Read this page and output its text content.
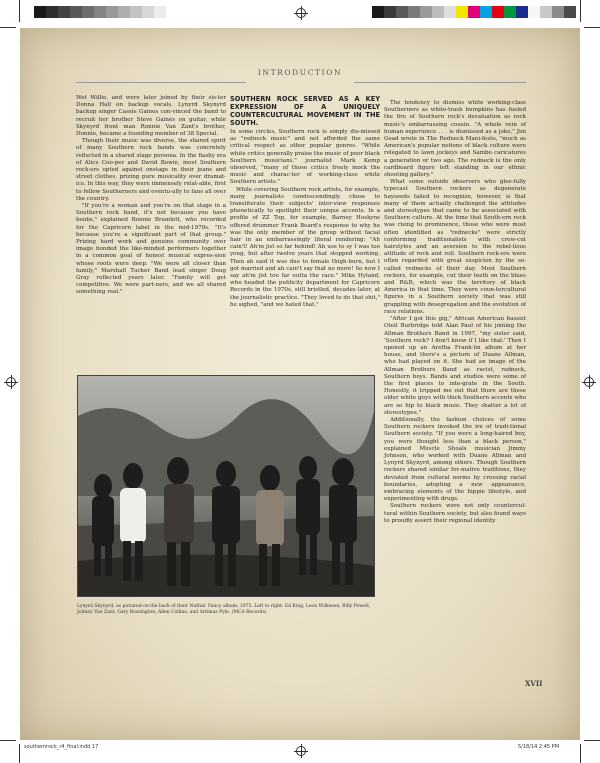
INTRODUCTION

Wet Willie, and were later joined by their sis-ter Donna Hall on backup vocals. Lynyrd Skynyrd backup singer Cassie Gaines con-vinced the band to recruit her brother Steve Gaines on guitar, while Skynyrd front man Ronnie Van Zant's brother, Donnie, became a founding member of 38 Special.

Though their music was diverse, the shared spirit of many Southern rock bands was concretely reflected in a shared stage persona. In the flashy era of Alice Coo-per and David Bowie, most Southern rock-ers opted against onstage in their jeans and street clothes, prizing pure musicality over dramat-ics. In this way, they were immensely relat-able, first to fellow Southerners and eventu-ally to fans all over the country.

"If you're a woman and you're on that stage in a Southern rock band, it's not because you have boobs," explained Bonnie Bramlett, who recorded for the Capricorn label in the mid-1970s. "It's because you're a significant part of that group." Prizing hard work and genuine community over image bonded the like-minded performers together in a common goal of honest musical expres-sion whose roots were deep. "We were all closer than family," Marshall Tucker Band lead singer Doug Gray reflected years later. "Family will get competitive. We were part-ners, and we all shared something real."

SOUTHERN ROCK SERVED AS A KEY EXPRESSION OF A UNIQUELY COUNTERCULTURAL MOVEMENT IN THE SOUTH.

In some circles, Southern rock is simply dis-missed as "redneck music" and not afforded the same critical respect as other popular genres. "While white critics generally praise the music of poor black Southern musicians," journalist Mark Kemp observed, "many of those critics freely mock the music and charac-ter of working-class white Southern artists."

While covering Southern rock artists, for example, many journalists condescendingly chose to transliterate their subjects' inter-view responses phonetically to spotlight their unique accents. In a profile of ZZ Top, for example, Barney Hoskyns offered drummer Frank Beard's response to why he was the only member of the group without facial hair in an embarrassingly literal rendering: "Ah cain't! Ah'm jist so far behind! Ah use to sy I was too yeng, but after twelve years that stopped working. Then ah said it was due to female thigh-burn, but I got married and ah cain't say that no more! So now I say ah'm jist too far outta the race." Mike Hyland, who headed the publicity department for Capricorn Records in the 1970s, still bristled, decades later, at the journalistic practice. "They loved to do that shit," he sighed, "and we hated that."

The tendency to dismiss white working-class Southerners as white-trash bumpkins has fueled the fire of Southern rock's devaluation as rock music's embarrassing cousin. "A whole vein of human experience . . . is dismissed as a joke," Jim Goad wrote in The Redneck Mani-festo, "much as American's popular notions of black culture were relegated to lawn jockeys and Sambo caricatures a generation or two ago. The redneck is the only cardboard figure left standing in our ethnic shooting gallery."

What some outside observers who glee-fully typecast Southern rockers as degenerate hayseeds failed to recognize, however, is that many of them actually challenged the attitudes and stereotypes that came to be associated with Southern culture. At the time that South-ern rock was rising to prominence, those who were most often identified as "rednecks" were strictly conforming traditionalists with crew-cut hairstyles and an aversion to the rebel-lious attitude of rock and roll. Southern rock-ers were often regarded with great suspicion by the so-called rednecks of their day. Most Southern rockers, for example, cut their teeth on the blues and R&B, which was the territory of black America in that time. They were coun-tercultural figures in a Southern society that was still grappling with desegregation and the evolution of race relations.

"After I got this gig," African American bassist Oteil Burbridge told Alan Paul of his joining the Allman Brothers Band in 1997, "my sister said, 'Southern rock? I don't know if I like that.' Then I opened up an Aretha Frank-lin album at her house, and there's a picture of Duane Allman, who had played on it. She had an image of the Allman Brothers Band as racist, redneck, Southern boys. Bands and studios were some of the first places to inte-grate in the South. Honestly, it tripped me out that there are these older white guys with thick Southern accents who are so hip to black music. They shatter a lot of stereotypes."

Additionally, the fashion choices of some Southern rockers invoked the ire of tradi-tional Southern society. "If you were a long-haired boy, you were thought less than a black person," explained Muscle Shoals musician Jimmy Johnson, who worked with Duane Allman and Lynyrd Skynyrd, among others. Though Southern rockers shared similar for-mative traditions, they deviated from cultural norms by crossing racial boundaries, adopting a new appearance, embracing elements of the hippie lifestyle, and experimenting with drugs.

Southern rockers were not only countercul-tural within Southern society, but also found ways to proudly assert their regional identity

Lynyrd Skynyrd, as pictured on the back of their Nuthin' Fancy album, 1975. Left to right: Ed King, Leon Wilkeson, Billy Powell, Johnny Van Zant, Gary Rossington, Allen Collins, and Artimus Pyle. (MCA Records)
XVII
southernrock_r4_final.indd 17	5/18/14 2:45 PM
